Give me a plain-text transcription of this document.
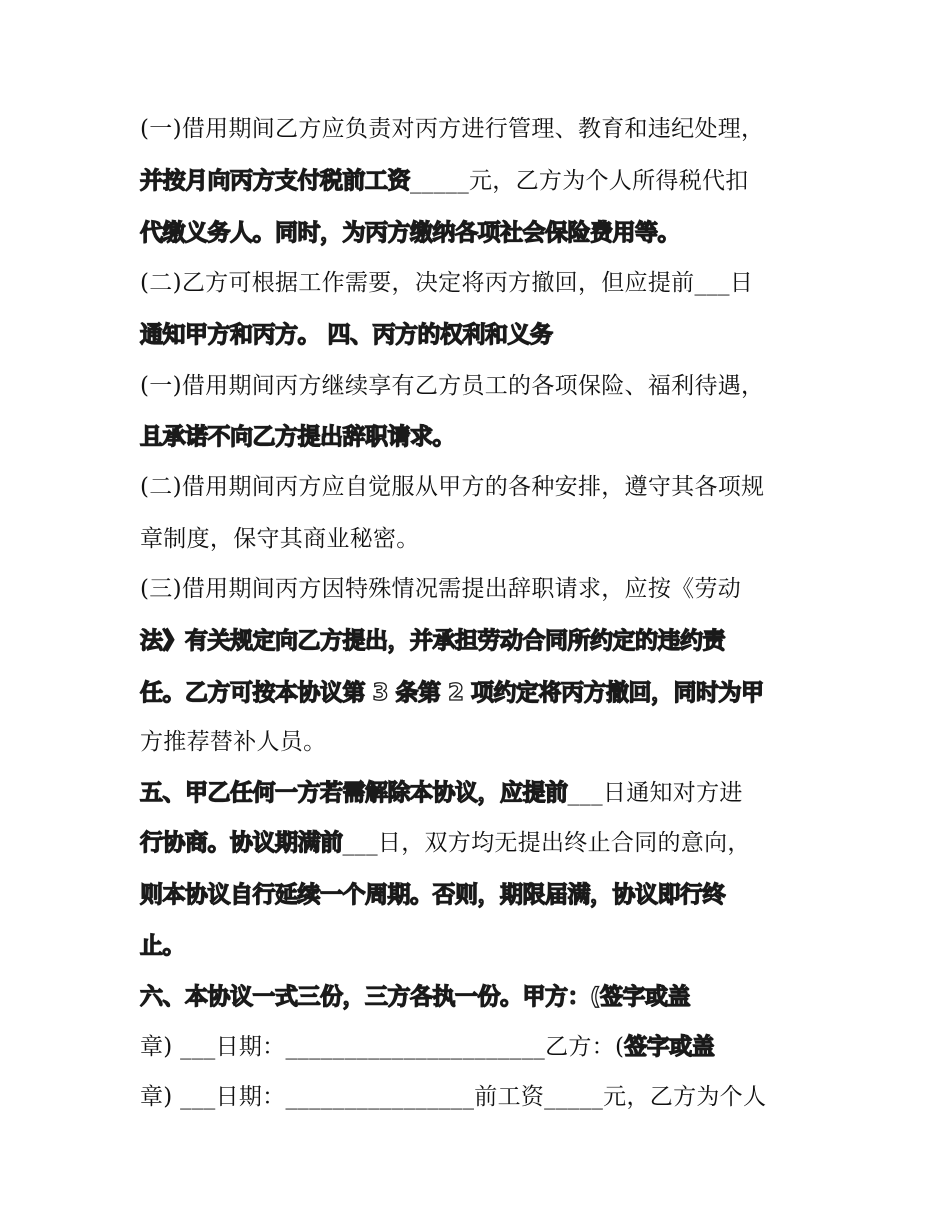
(一)借用期间乙方应负责对丙方进行管理、教育和违纪处理，
并按月向丙方支付税前工资_____元，乙方为个人所得税代扣
代缴义务人。同时，为丙方缴纳各项社会保险费用等。
(二)乙方可根据工作需要，决定将丙方撤回，但应提前___日
通知甲方和丙方。 四、丙方的权利和义务
(一)借用期间丙方继续享有乙方员工的各项保险、福利待遇，
且承诺不向乙方提出辞职请求。
(二)借用期间丙方应自觉服从甲方的各种安排，遵守其各项规
章制度，保守其商业秘密。
(三)借用期间丙方因特殊情况需提出辞职请求，应按《劳动
法》有关规定向乙方提出，并承担劳动合同所约定的违约责
任。乙方可按本协议第 3 条第 2 项约定将丙方撤回，同时为甲
方推荐替补人员。
五、甲乙任何一方若需解除本协议，应提前___日通知对方进
行协商。协议期满前___日，双方均无提出终止合同的意向，
则本协议自行延续一个周期。否则，期限届满，协议即行终
止。
六、本协议一式三份，三方各执一份。甲方：(签字或盖
章) ___日期：______________________乙方：(签字或盖
章) ___日期：________________前工资_____元，乙方为个人
